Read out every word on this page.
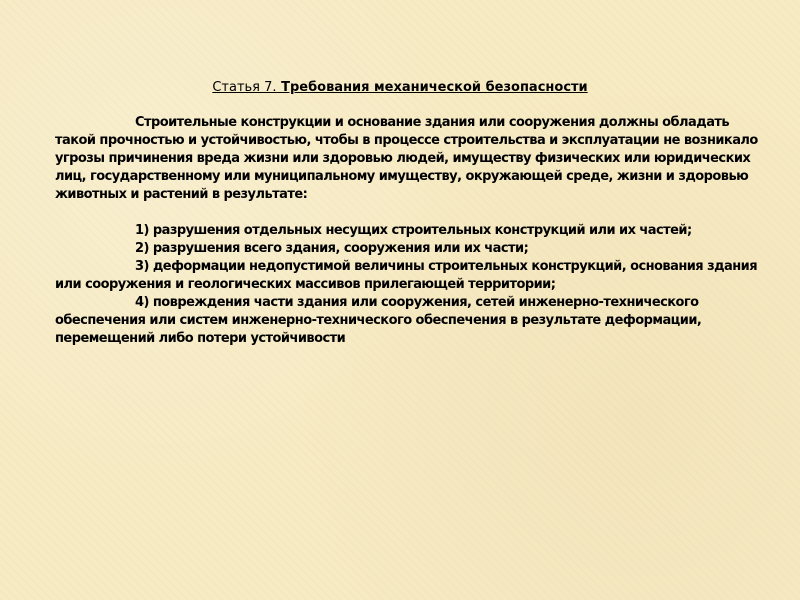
Статья 7. Требования механической безопасности

Строительные конструкции и основание здания или сооружения должны обладать такой прочностью и устойчивостью, чтобы в процессе строительства и эксплуатации не возникало угрозы причинения вреда жизни или здоровью людей, имуществу физических или юридических лиц, государственному или муниципальному имуществу, окружающей среде, жизни и здоровью животных и растений в результате:

1) разрушения отдельных несущих строительных конструкций или их частей;

2) разрушения всего здания, сооружения или их части;

3) деформации недопустимой величины строительных конструкций, основания здания или сооружения и геологических массивов прилегающей территории;

4) повреждения части здания или сооружения, сетей инженерно-технического обеспечения или систем инженерно-технического обеспечения в результате деформации, перемещений либо потери устойчивости
